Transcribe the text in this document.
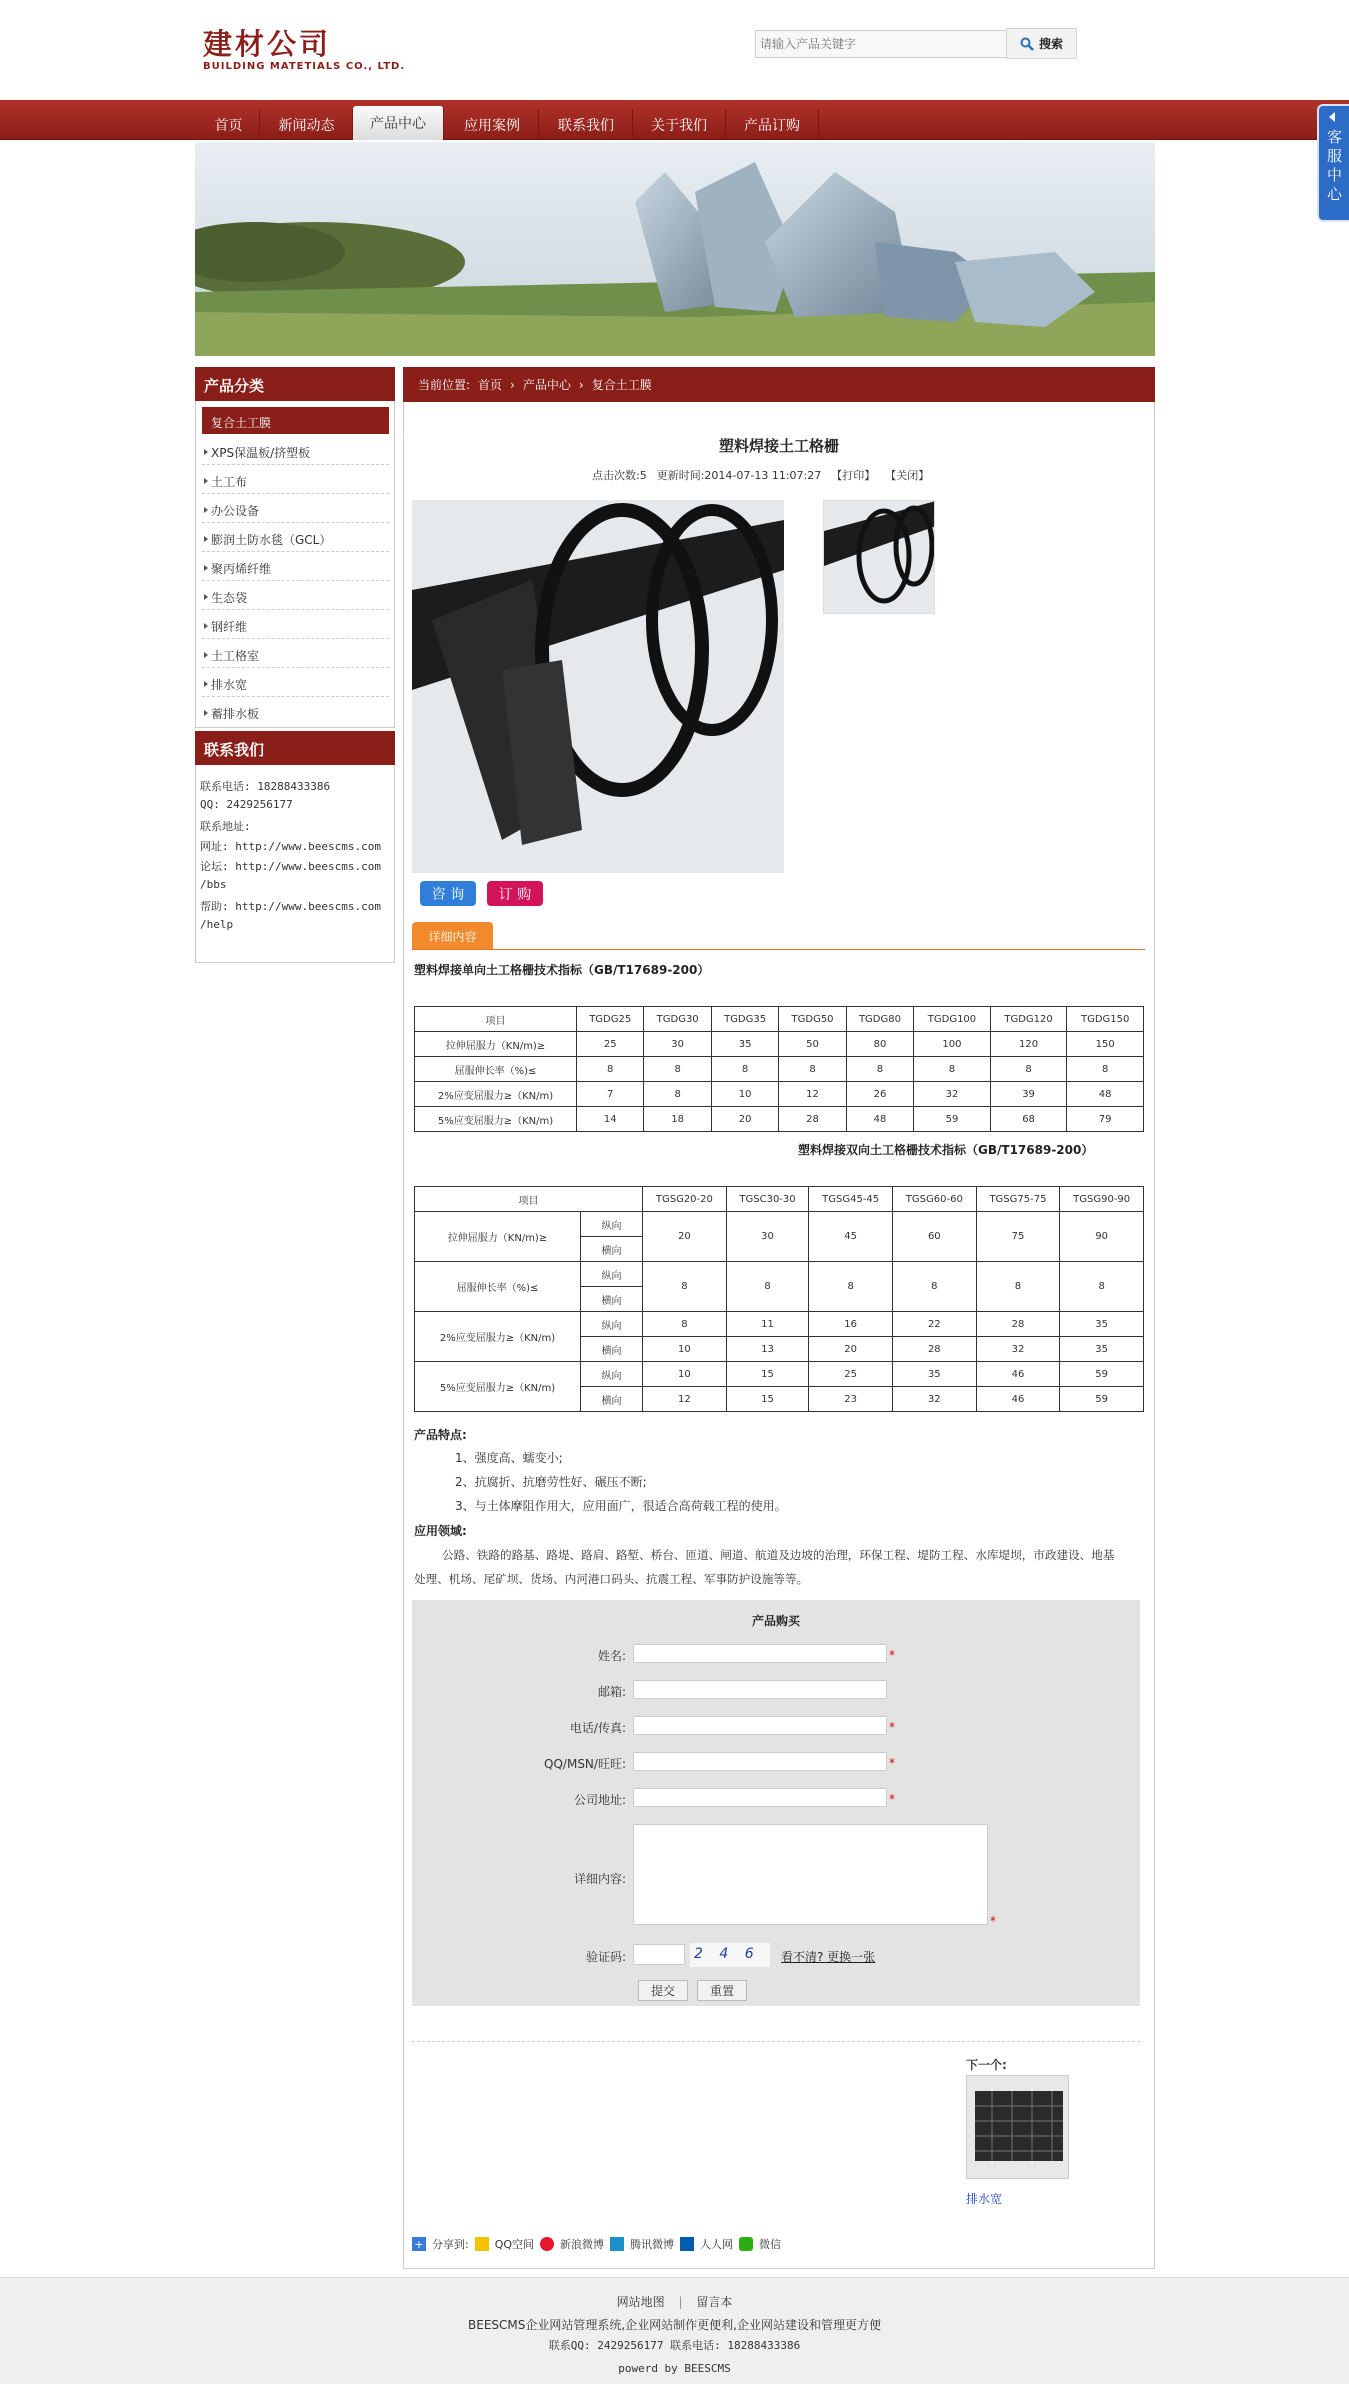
建材公司
BUILDING MATETIALS CO., LTD.
请输入产品关键字
搜索
首页	新闻动态	产品中心	应用案例	联系我们	关于我们	产品订购
客服中心
产品分类
复合土工膜
XPS保温板/挤塑板
土工布
办公设备
膨润土防水毯（GCL）
聚丙烯纤维
生态袋
钢纤维
土工格室
排水宽
蓄排水板
联系我们
联系电话: 18288433386
QQ: 2429256177
联系地址:
网址: http://www.beescms.com
论坛: http://www.beescms.com
/bbs
帮助: http://www.beescms.com
/help
当前位置: 首页 › 产品中心 › 复合土工膜
塑料焊接土工格栅
点击次数:5 更新时间:2014-07-13 11:07:27 【打印】 【关闭】
咨 询	订 购
详细内容
塑料焊接单向土工格栅技术指标（GB/T17689-200）
项目	TGDG25	TGDG30	TGDG35	TGDG50	TGDG80	TGDG100	TGDG120	TGDG150
拉伸屈服力（KN/m)≥	25	30	35	50	80	100	120	150
屈服伸长率（%)≤	8	8	8	8	8	8	8	8
2%应变屈服力≥（KN/m)	7	8	10	12	26	32	39	48
5%应变屈服力≥（KN/m)	14	18	20	28	48	59	68	79
塑料焊接双向土工格栅技术指标（GB/T17689-200）
项目		TGSG20-20	TGSC30-30	TGSG45-45	TGSG60-60	TGSG75-75	TGSG90-90
拉伸屈服力（KN/m)≥	纵向	20	30	45	60	75	90
	横向						
屈服伸长率（%)≤	纵向	8	8	8	8	8	8
	横向						
2%应变屈服力≥（KN/m)	纵向	8	11	16	22	28	35
	横向	10	13	20	28	32	35
5%应变屈服力≥（KN/m)	纵向	10	15	25	35	46	59
	横向	12	15	23	32	46	59
产品特点:
1、强度高、蠕变小;
2、抗腐折、抗磨劳性好、碾压不断;
3、与土体摩阻作用大，应用面广，很适合高荷载工程的使用。
应用领域:
公路、铁路的路基、路堤、路肩、路堑、桥台、匝道、闸道、航道及边坡的治理，环保工程、堤防工程、水库堤坝，市政建设、地基
处理、机场、尾矿坝、货场、内河港口码头、抗震工程、军事防护设施等等。
产品购买
姓名:	*
邮箱:
电话/传真:	*
QQ/MSN/旺旺:	*
公司地址:	*
详细内容:
*
验证码:	2 4 6	看不清? 更换一张
提交	重置
下一个:
排水宽
+ 分享到: QQ空间 新浪微博 腾讯微博 人人网 微信
网站地图 | 留言本
BEESCMS企业网站管理系统,企业网站制作更便利,企业网站建设和管理更方便
联系QQ: 2429256177 联系电话: 18288433386
powerd by BEESCMS
